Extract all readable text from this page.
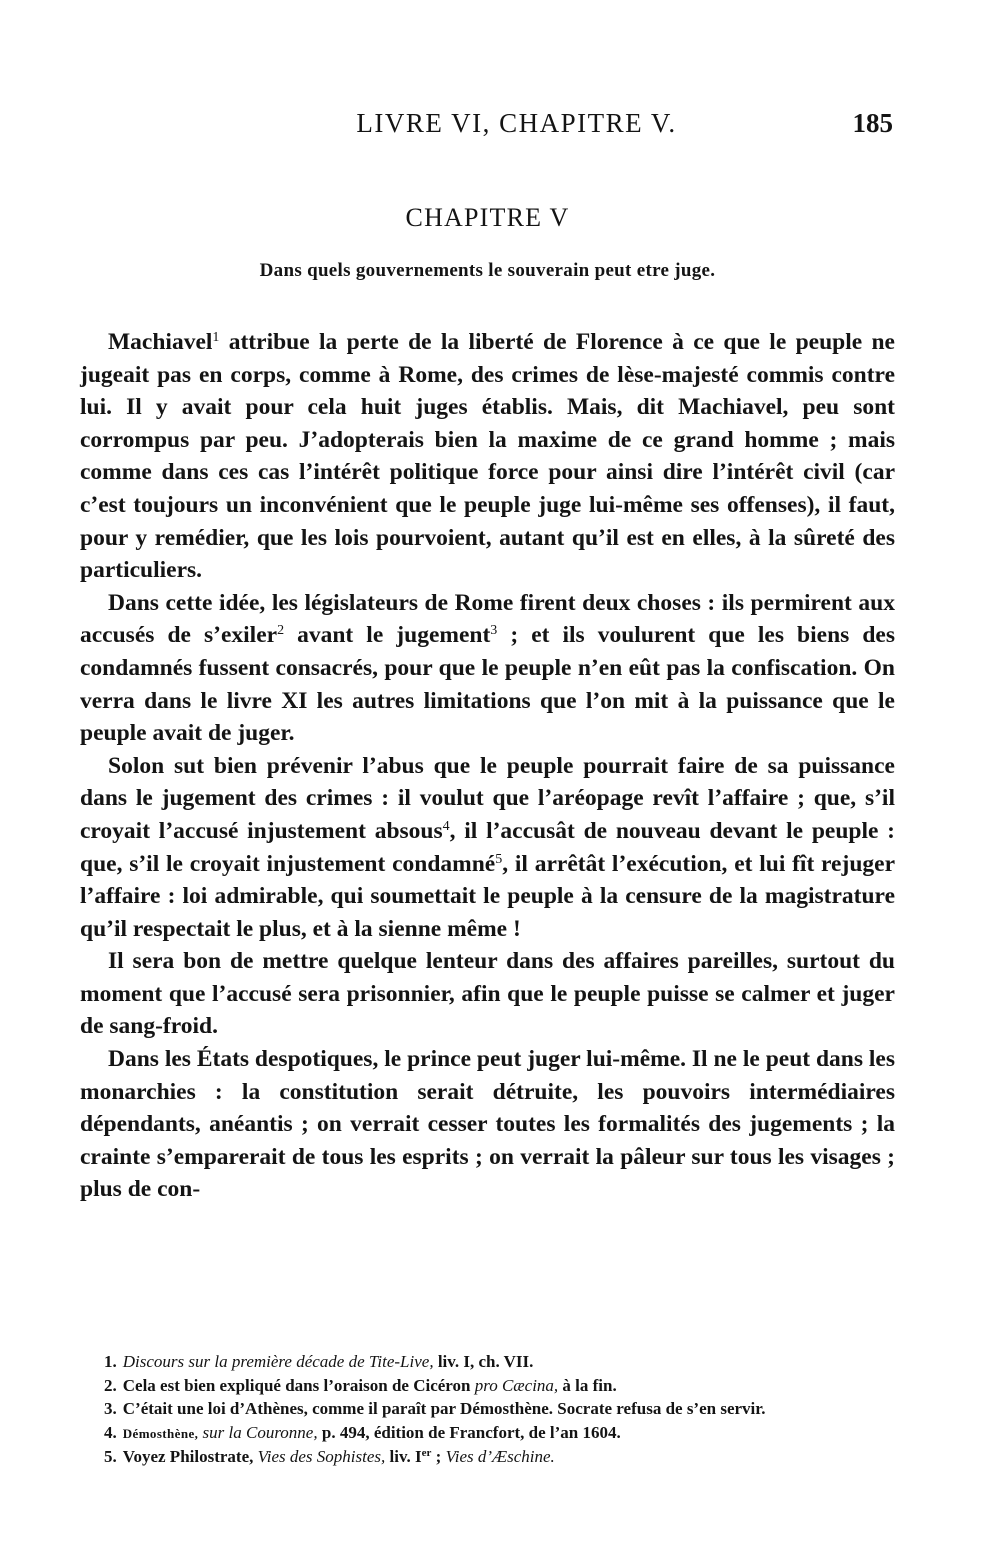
LIVRE VI, CHAPITRE V.	185
CHAPITRE V
Dans quels gouvernements le souverain peut etre juge.

Machiavel$^1$ attribue la perte de la liberté de Florence à ce que le peuple ne jugeait pas en corps, comme à Rome, des crimes de lèse-majesté commis contre lui. Il y avait pour cela huit juges établis. Mais, dit Machiavel, peu sont corrompus par peu. J’adopterais bien la maxime de ce grand homme ; mais comme dans ces cas l’intérêt politique force pour ainsi dire l’intérêt civil (car c’est toujours un inconvénient que le peuple juge lui-même ses offenses), il faut, pour y remédier, que les lois pourvoient, autant qu’il est en elles, à la sûreté des particuliers.

Dans cette idée, les législateurs de Rome firent deux choses : ils permirent aux accusés de s’exiler$^2$ avant le jugement$^3$ ; et ils voulurent que les biens des condamnés fussent consacrés, pour que le peuple n’en eût pas la confiscation. On verra dans le livre XI les autres limitations que l’on mit à la puissance que le peuple avait de juger.

Solon sut bien prévenir l’abus que le peuple pourrait faire de sa puissance dans le jugement des crimes : il voulut que l’aréopage revît l’affaire ; que, s’il croyait l’accusé injustement absous$^4$, il l’accusât de nouveau devant le peuple : que, s’il le croyait injustement condamné$^5$, il arrêtât l’exécution, et lui fît rejuger l’affaire : loi admirable, qui soumettait le peuple à la censure de la magistrature qu’il respectait le plus, et à la sienne même !

Il sera bon de mettre quelque lenteur dans des affaires pareilles, surtout du moment que l’accusé sera prisonnier, afin que le peuple puisse se calmer et juger de sang-froid.

Dans les États despotiques, le prince peut juger lui-même. Il ne le peut dans les monarchies : la constitution serait détruite, les pouvoirs intermédiaires dépendants, anéantis ; on verrait cesser toutes les formalités des jugements ; la crainte s’emparerait de tous les esprits ; on verrait la pâleur sur tous les visages ; plus de con-

1. Discours sur la première décade de Tite-Live, liv. I, ch. VII.

2. Cela est bien expliqué dans l’oraison de Cicéron pro Cæcina, à la fin.

3. C’était une loi d’Athènes, comme il paraît par Démosthène. Socrate refusa de s’en servir.

4. Démosthène, sur la Couronne, p. 494, édition de Francfort, de l’an 1604.

5. Voyez Philostrate, Vies des Sophistes, liv. Ier ; Vies d’Æschine.
